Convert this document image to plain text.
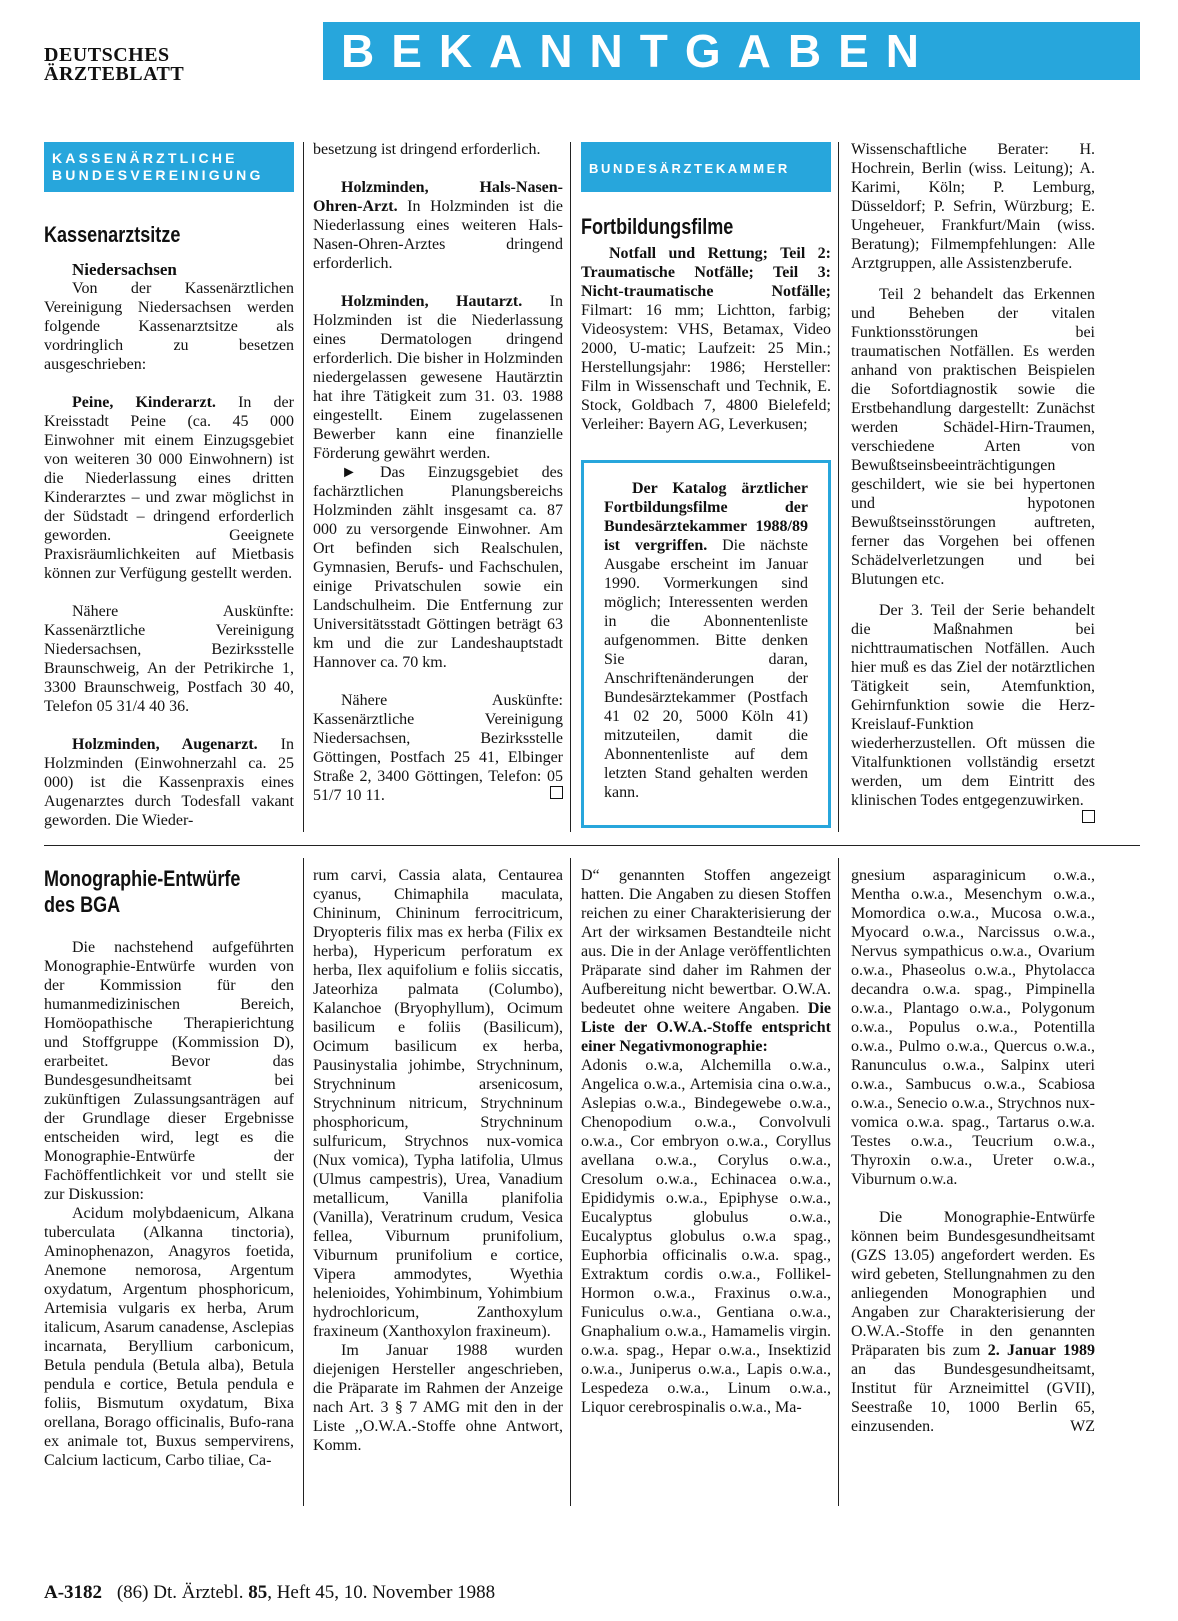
DEUTSCHES
ÄRZTEBLATT	BEKANNTGABEN
KASSENÄRZTLICHE
BUNDESVEREINIGUNG
Kassenarztsitze

Niedersachsen

Von der Kassenärztlichen Vereinigung Niedersachsen werden folgende Kassenarztsitze als vordringlich zu besetzen ausgeschrieben:

Peine, Kinderarzt. In der Kreisstadt Peine (ca. 45 000 Einwohner mit einem Einzugsgebiet von weiteren 30 000 Einwohnern) ist die Niederlassung eines dritten Kinderarztes – und zwar möglichst in der Südstadt – dringend erforderlich geworden. Geeignete Praxisräumlichkeiten auf Mietbasis können zur Verfügung gestellt werden.

Nähere Auskünfte: Kassenärztliche Vereinigung Niedersachsen, Bezirksstelle Braunschweig, An der Petrikirche 1, 3300 Braunschweig, Postfach 30 40, Telefon 05 31/4 40 36.

Holzminden, Augenarzt. In Holzminden (Einwohnerzahl ca. 25 000) ist die Kassenpraxis eines Augenarztes durch Todesfall vakant geworden. Die Wieder-

besetzung ist dringend erforderlich.

Holzminden, Hals-Nasen-Ohren-Arzt. In Holzminden ist die Niederlassung eines weiteren Hals-Nasen-Ohren-Arztes dringend erforderlich.

Holzminden, Hautarzt. In Holzminden ist die Niederlassung eines Dermatologen dringend erforderlich. Die bisher in Holzminden niedergelassen gewesene Hautärztin hat ihre Tätigkeit zum 31. 03. 1988 eingestellt. Einem zugelassenen Bewerber kann eine finanzielle Förderung gewährt werden.

► Das Einzugsgebiet des fachärztlichen Planungsbereichs Holzminden zählt insgesamt ca. 87 000 zu versorgende Einwohner. Am Ort befinden sich Realschulen, Gymnasien, Berufs- und Fachschulen, einige Privatschulen sowie ein Landschulheim. Die Entfernung zur Universitätsstadt Göttingen beträgt 63 km und die zur Landeshauptstadt Hannover ca. 70 km.

Nähere Auskünfte: Kassenärztliche Vereinigung Niedersachsen, Bezirksstelle Göttingen, Postfach 25 41, Elbinger Straße 2, 3400 Göttingen, Telefon: 05 51/7 10 11.

BUNDESÄRZTEKAMMER
Fortbildungsfilme

Notfall und Rettung; Teil 2: Traumatische Notfälle; Teil 3: Nicht-traumatische Notfälle; Filmart: 16 mm; Lichtton, farbig; Videosystem: VHS, Betamax, Video 2000, U-matic; Laufzeit: 25 Min.; Herstellungsjahr: 1986; Hersteller: Film in Wissenschaft und Technik, E. Stock, Goldbach 7, 4800 Bielefeld; Verleiher: Bayern AG, Leverkusen;

Der Katalog ärztlicher Fortbildungsfilme der Bundesärztekammer 1988/89 ist vergriffen. Die nächste Ausgabe erscheint im Januar 1990. Vormerkungen sind möglich; Interessenten werden in die Abonnentenliste aufgenommen. Bitte denken Sie daran, Anschriftenänderungen der Bundesärztekammer (Postfach 41 02 20, 5000 Köln 41) mitzuteilen, damit die Abonnentenliste auf dem letzten Stand gehalten werden kann.

Wissenschaftliche Berater: H. Hochrein, Berlin (wiss. Leitung); A. Karimi, Köln; P. Lemburg, Düsseldorf; P. Sefrin, Würzburg; E. Ungeheuer, Frankfurt/Main (wiss. Beratung); Filmempfehlungen: Alle Arztgruppen, alle Assistenzberufe.

Teil 2 behandelt das Erkennen und Beheben der vitalen Funktionsstörungen bei traumatischen Notfällen. Es werden anhand von praktischen Beispielen die Sofortdiagnostik sowie die Erstbehandlung dargestellt: Zunächst werden Schädel-Hirn-Traumen, verschiedene Arten von Bewußtseinsbeeinträchtigungen geschildert, wie sie bei hypertonen und hypotonen Bewußtseinsstörungen auftreten, ferner das Vorgehen bei offenen Schädelverletzungen und bei Blutungen etc.

Der 3. Teil der Serie behandelt die Maßnahmen bei nichttraumatischen Notfällen. Auch hier muß es das Ziel der notärztlichen Tätigkeit sein, Atemfunktion, Gehirnfunktion sowie die Herz-Kreislauf-Funktion wiederherzustellen. Oft müssen die Vitalfunktionen vollständig ersetzt werden, um dem Eintritt des klinischen Todes entgegenzuwirken.

Monographie-Entwürfe
des BGA

Die nachstehend aufgeführten Monographie-Entwürfe wurden von der Kommission für den humanmedizinischen Bereich, Homöopathische Therapierichtung und Stoffgruppe (Kommission D), erarbeitet. Bevor das Bundesgesundheitsamt bei zukünftigen Zulassungsanträgen auf der Grundlage dieser Ergebnisse entscheiden wird, legt es die Monographie-Entwürfe der Fachöffentlichkeit vor und stellt sie zur Diskussion:

Acidum molybdaenicum, Alkana tuberculata (Alkanna tinctoria), Aminophenazon, Anagyros foetida, Anemone nemorosa, Argentum oxydatum, Argentum phosphoricum, Artemisia vulgaris ex herba, Arum italicum, Asarum canadense, Asclepias incarnata, Beryllium carbonicum, Betula pendula (Betula alba), Betula pendula e cortice, Betula pendula e foliis, Bismutum oxydatum, Bixa orellana, Borago officinalis, Bufo-rana ex animale tot, Buxus sempervirens, Calcium lacticum, Carbo tiliae, Ca-

rum carvi, Cassia alata, Centaurea cyanus, Chimaphila maculata, Chininum, Chininum ferrocitricum, Dryopteris filix mas ex herba (Filix ex herba), Hypericum perforatum ex herba, Ilex aquifolium e foliis siccatis, Jateorhiza palmata (Columbo), Kalanchoe (Bryophyllum), Ocimum basilicum e foliis (Basilicum), Ocimum basilicum ex herba, Pausinystalia johimbe, Strychninum, Strychninum arsenicosum, Strychninum nitricum, Strychninum phosphoricum, Strychninum sulfuricum, Strychnos nux-vomica (Nux vomica), Typha latifolia, Ulmus (Ulmus campestris), Urea, Vanadium metallicum, Vanilla planifolia (Vanilla), Veratrinum crudum, Vesica fellea, Viburnum prunifolium, Viburnum prunifolium e cortice, Vipera ammodytes, Wyethia helenioides, Yohimbinum, Yohimbium hydrochloricum, Zanthoxylum fraxineum (Xanthoxylon fraxineum).

Im Januar 1988 wurden diejenigen Hersteller angeschrieben, die Präparate im Rahmen der Anzeige nach Art. 3 § 7 AMG mit den in der Liste ,,O.W.A.-Stoffe ohne Antwort, Komm.

D“ genannten Stoffen angezeigt hatten. Die Angaben zu diesen Stoffen reichen zu einer Charakterisierung der Art der wirksamen Bestandteile nicht aus. Die in der Anlage veröffentlichten Präparate sind daher im Rahmen der Aufbereitung nicht bewertbar. O.W.A. bedeutet ohne weitere Angaben. Die Liste der O.W.A.-Stoffe entspricht einer Negativmonographie:

Adonis o.w.a, Alchemilla o.w.a., Angelica o.w.a., Artemisia cina o.w.a., Aslepias o.w.a., Bindegewebe o.w.a., Chenopodium o.w.a., Convolvuli o.w.a., Cor embryon o.w.a., Coryllus avellana o.w.a., Corylus o.w.a., Cresolum o.w.a., Echinacea o.w.a., Epididymis o.w.a., Epiphyse o.w.a., Eucalyptus globulus o.w.a., Eucalyptus globulus o.w.a spag., Euphorbia officinalis o.w.a. spag., Extraktum cordis o.w.a., Follikel-Hormon o.w.a., Fraxinus o.w.a., Funiculus o.w.a., Gentiana o.w.a., Gnaphalium o.w.a., Hamamelis virgin. o.w.a. spag., Hepar o.w.a., Insektizid o.w.a., Juniperus o.w.a., Lapis o.w.a., Lespedeza o.w.a., Linum o.w.a., Liquor cerebrospinalis o.w.a., Ma-

gnesium asparaginicum o.w.a., Mentha o.w.a., Mesenchym o.w.a., Momordica o.w.a., Mucosa o.w.a., Myocard o.w.a., Narcissus o.w.a., Nervus sympathicus o.w.a., Ovarium o.w.a., Phaseolus o.w.a., Phytolacca decandra o.w.a. spag., Pimpinella o.w.a., Plantago o.w.a., Polygonum o.w.a., Populus o.w.a., Potentilla o.w.a., Pulmo o.w.a., Quercus o.w.a., Ranunculus o.w.a., Salpinx uteri o.w.a., Sambucus o.w.a., Scabiosa o.w.a., Senecio o.w.a., Strychnos nux-vomica o.w.a. spag., Tartarus o.w.a. Testes o.w.a., Teucrium o.w.a., Thyroxin o.w.a., Ureter o.w.a., Viburnum o.w.a.

Die Monographie-Entwürfe können beim Bundesgesundheitsamt (GZS 13.05) angefordert werden. Es wird gebeten, Stellungnahmen zu den anliegenden Monographien und Angaben zur Charakterisierung der O.W.A.-Stoffe in den genannten Präparaten bis zum 2. Januar 1989 an das Bundesgesundheitsamt, Institut für Arzneimittel (GVII), Seestraße 10, 1000 Berlin 65, einzusenden.	WZ

A-3182 (86) Dt. Ärztebl. 85, Heft 45, 10. November 1988
